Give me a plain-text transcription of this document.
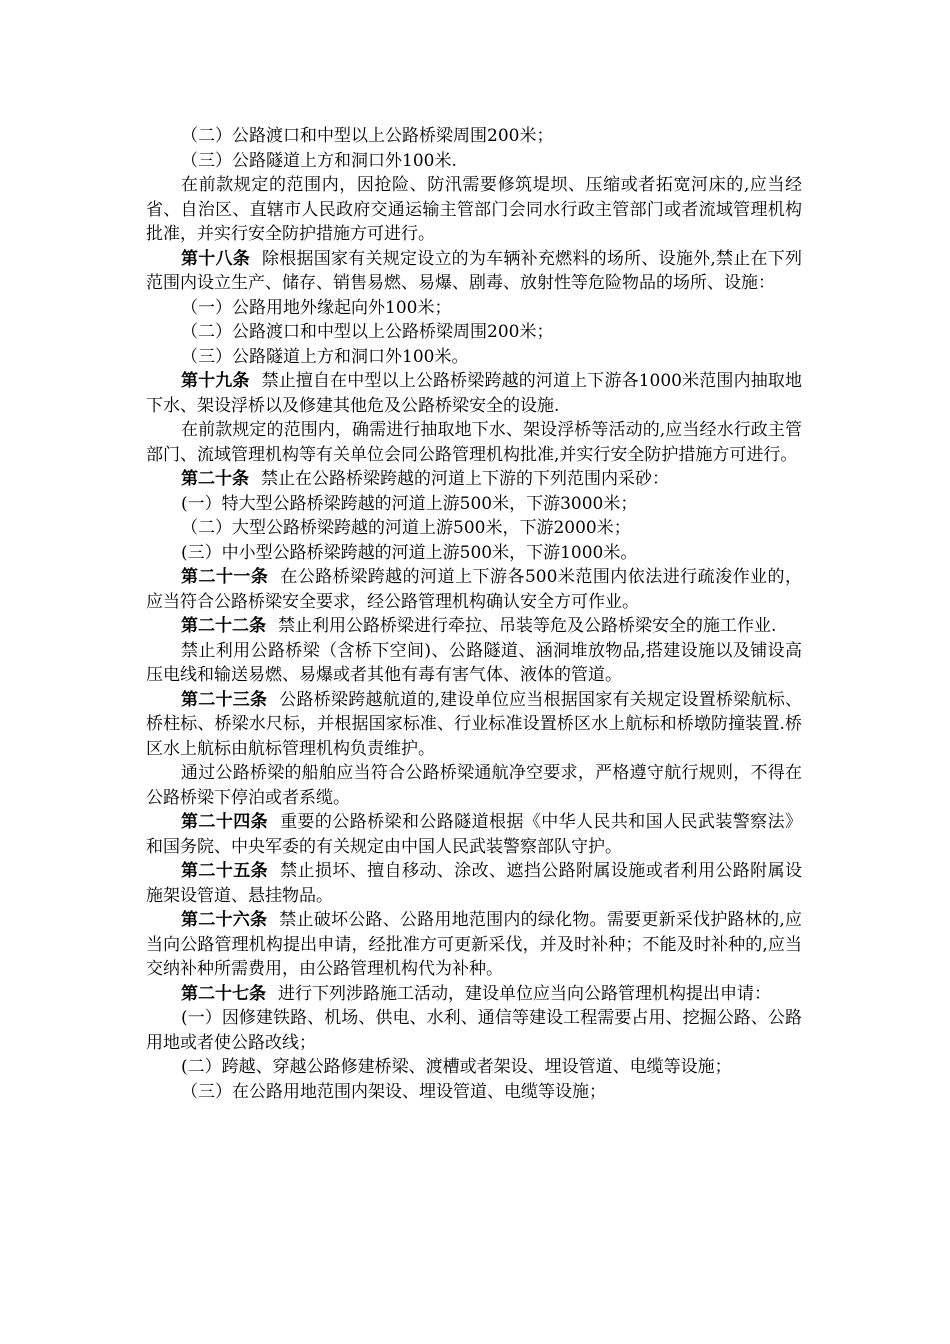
（二）公路渡口和中型以上公路桥梁周围200米；

（三）公路隧道上方和洞口外100米.

在前款规定的范围内，因抢险、防汛需要修筑堤坝、压缩或者拓宽河床的,应当经省、自治区、直辖市人民政府交通运输主管部门会同水行政主管部门或者流域管理机构批准，并实行安全防护措施方可进行。

第十八条 除根据国家有关规定设立的为车辆补充燃料的场所、设施外,禁止在下列范围内设立生产、储存、销售易燃、易爆、剧毒、放射性等危险物品的场所、设施：

（一）公路用地外缘起向外100米；

（二）公路渡口和中型以上公路桥梁周围200米；

（三）公路隧道上方和洞口外100米。

第十九条 禁止擅自在中型以上公路桥梁跨越的河道上下游各1000米范围内抽取地下水、架设浮桥以及修建其他危及公路桥梁安全的设施.

在前款规定的范围内，确需进行抽取地下水、架设浮桥等活动的,应当经水行政主管部门、流域管理机构等有关单位会同公路管理机构批准,并实行安全防护措施方可进行。

第二十条 禁止在公路桥梁跨越的河道上下游的下列范围内采砂：

(一）特大型公路桥梁跨越的河道上游500米，下游3000米；

（二）大型公路桥梁跨越的河道上游500米，下游2000米；

(三）中小型公路桥梁跨越的河道上游500米，下游1000米。

第二十一条 在公路桥梁跨越的河道上下游各500米范围内依法进行疏浚作业的，应当符合公路桥梁安全要求，经公路管理机构确认安全方可作业。

第二十二条 禁止利用公路桥梁进行牵拉、吊装等危及公路桥梁安全的施工作业.

禁止利用公路桥梁（含桥下空间)、公路隧道、涵洞堆放物品,搭建设施以及铺设高压电线和输送易燃、易爆或者其他有毒有害气体、液体的管道。

第二十三条 公路桥梁跨越航道的,建设单位应当根据国家有关规定设置桥梁航标、桥柱标、桥梁水尺标，并根据国家标准、行业标准设置桥区水上航标和桥墩防撞装置.桥区水上航标由航标管理机构负责维护。

通过公路桥梁的船舶应当符合公路桥梁通航净空要求，严格遵守航行规则，不得在公路桥梁下停泊或者系缆。

第二十四条 重要的公路桥梁和公路隧道根据《中华人民共和国人民武装警察法》和国务院、中央军委的有关规定由中国人民武装警察部队守护。

第二十五条 禁止损坏、擅自移动、涂改、遮挡公路附属设施或者利用公路附属设施架设管道、悬挂物品。

第二十六条 禁止破坏公路、公路用地范围内的绿化物。需要更新采伐护路林的,应当向公路管理机构提出申请，经批准方可更新采伐，并及时补种；不能及时补种的,应当交纳补种所需费用，由公路管理机构代为补种。

第二十七条 进行下列涉路施工活动，建设单位应当向公路管理机构提出申请：

(一）因修建铁路、机场、供电、水利、通信等建设工程需要占用、挖掘公路、公路用地或者使公路改线；

(二）跨越、穿越公路修建桥梁、渡槽或者架设、埋设管道、电缆等设施；

（三）在公路用地范围内架设、埋设管道、电缆等设施；
